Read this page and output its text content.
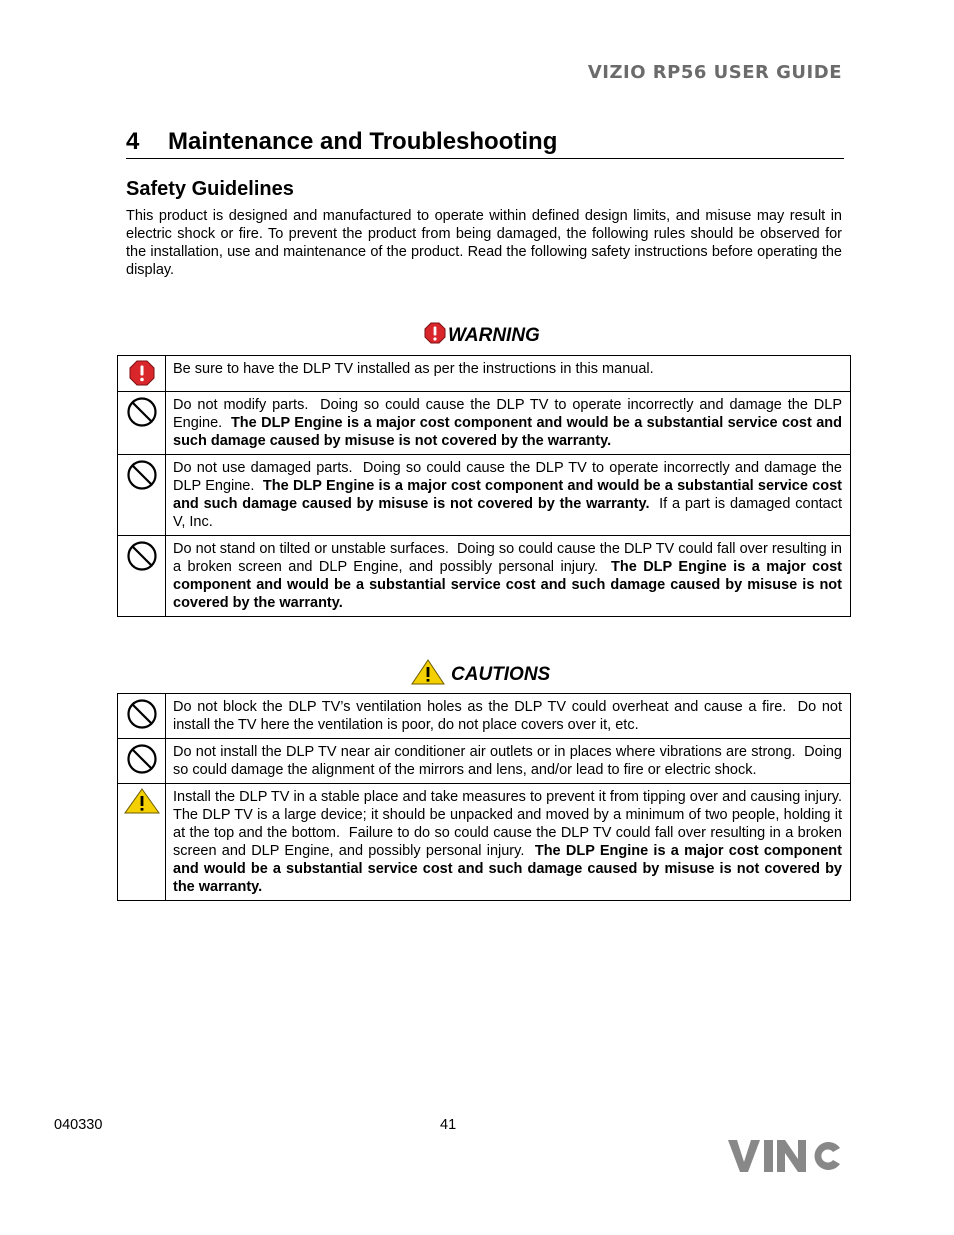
VIZIO RP56 USER GUIDE
4 Maintenance and Troubleshooting
Safety Guidelines
This product is designed and manufactured to operate within defined design limits, and misuse may result in electric shock or fire. To prevent the product from being damaged, the following rules should be observed for the installation, use and maintenance of the product. Read the following safety instructions before operating the display.
WARNING
	Be sure to have the DLP TV installed as per the instructions in this manual.
	Do not modify parts.  Doing so could cause the DLP TV to operate incorrectly and damage the DLP Engine.  The DLP Engine is a major cost component and would be a substantial service cost and such damage caused by misuse is not covered by the warranty.
	Do not use damaged parts.  Doing so could cause the DLP TV to operate incorrectly and damage the DLP Engine.  The DLP Engine is a major cost component and would be a substantial service cost and such damage caused by misuse is not covered by the warranty.  If a part is damaged contact V, Inc.
	Do not stand on tilted or unstable surfaces.  Doing so could cause the DLP TV could fall over resulting in a broken screen and DLP Engine, and possibly personal injury.  The DLP Engine is a major cost component and would be a substantial service cost and such damage caused by misuse is not covered by the warranty.
CAUTIONS
	Do not block the DLP TV’s ventilation holes as the DLP TV could overheat and cause a fire.  Do not install the TV here the ventilation is poor, do not place covers over it, etc.
	Do not install the DLP TV near air conditioner air outlets or in places where vibrations are strong.  Doing so could damage the alignment of the mirrors and lens, and/or lead to fire or electric shock.
	Install the DLP TV in a stable place and take measures to prevent it from tipping over and causing injury. The DLP TV is a large device; it should be unpacked and moved by a minimum of two people, holding it at the top and the bottom.  Failure to do so could cause the DLP TV could fall over resulting in a broken screen and DLP Engine, and possibly personal injury.  The DLP Engine is a major cost component and would be a substantial service cost and such damage caused by misuse is not covered by the warranty.
040330	41
